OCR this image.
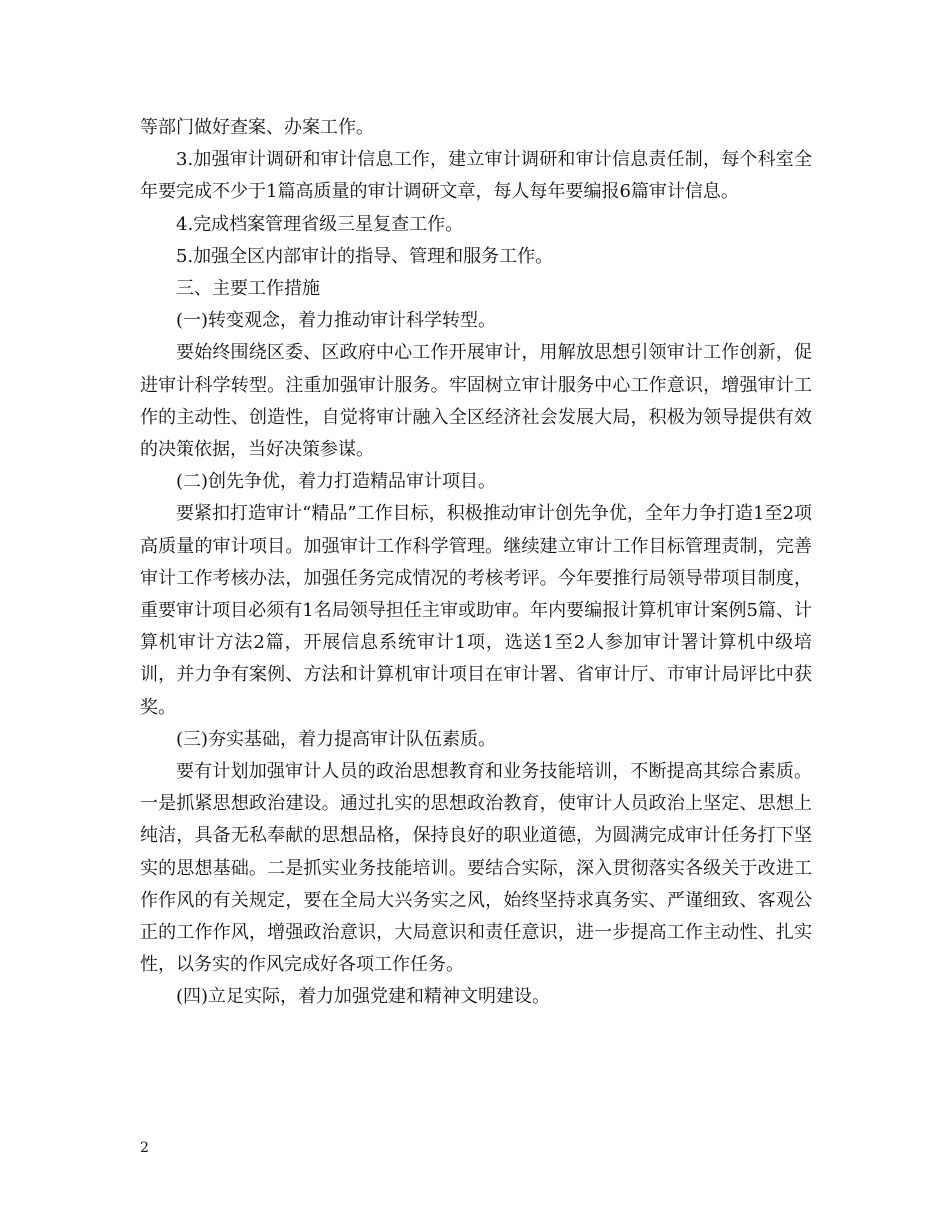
等部门做好查案、办案工作。

3.加强审计调研和审计信息工作，建立审计调研和审计信息责任制，每个科室全年要完成不少于1篇高质量的审计调研文章，每人每年要编报6篇审计信息。

4.完成档案管理省级三星复查工作。

5.加强全区内部审计的指导、管理和服务工作。

三、主要工作措施

(一)转变观念，着力推动审计科学转型。

要始终围绕区委、区政府中心工作开展审计，用解放思想引领审计工作创新，促进审计科学转型。注重加强审计服务。牢固树立审计服务中心工作意识，增强审计工作的主动性、创造性，自觉将审计融入全区经济社会发展大局，积极为领导提供有效的决策依据，当好决策参谋。

(二)创先争优，着力打造精品审计项目。

要紧扣打造审计“精品”工作目标，积极推动审计创先争优，全年力争打造1至2项高质量的审计项目。加强审计工作科学管理。继续建立审计工作目标管理责制，完善审计工作考核办法，加强任务完成情况的考核考评。今年要推行局领导带项目制度，重要审计项目必须有1名局领导担任主审或助审。年内要编报计算机审计案例5篇、计算机审计方法2篇，开展信息系统审计1项，选送1至2人参加审计署计算机中级培训，并力争有案例、方法和计算机审计项目在审计署、省审计厅、市审计局评比中获奖。

(三)夯实基础，着力提高审计队伍素质。

要有计划加强审计人员的政治思想教育和业务技能培训，不断提高其综合素质。一是抓紧思想政治建设。通过扎实的思想政治教育，使审计人员政治上坚定、思想上纯洁，具备无私奉献的思想品格，保持良好的职业道德，为圆满完成审计任务打下坚实的思想基础。二是抓实业务技能培训。要结合实际，深入贯彻落实各级关于改进工作作风的有关规定，要在全局大兴务实之风，始终坚持求真务实、严谨细致、客观公正的工作作风，增强政治意识，大局意识和责任意识，进一步提高工作主动性、扎实性，以务实的作风完成好各项工作任务。

(四)立足实际，着力加强党建和精神文明建设。

2
